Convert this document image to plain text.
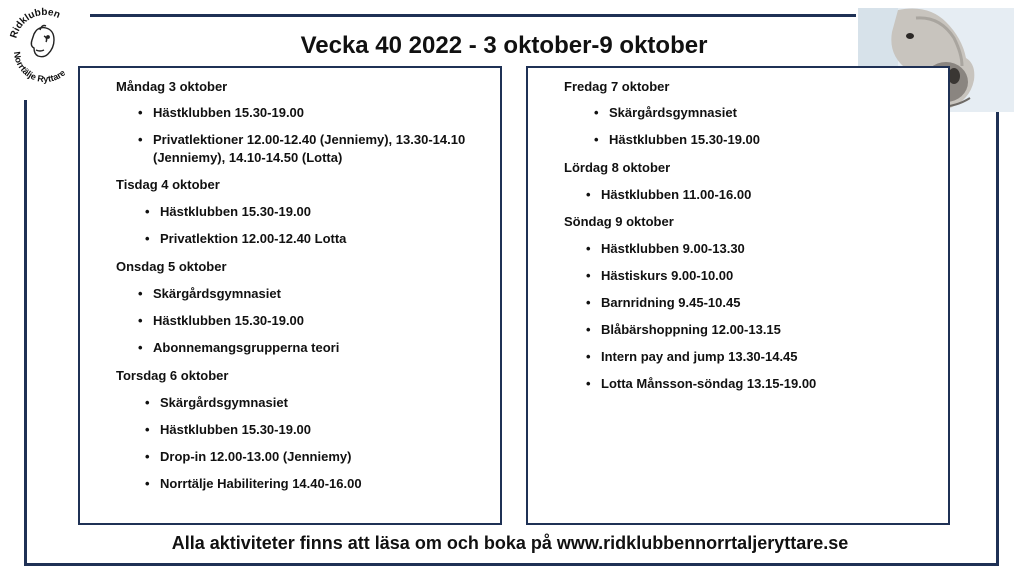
Ridklubben
Norrtälje Ryttare
Vecka 40 2022 - 3 oktober-9 oktober
Måndag 3 oktober
• Hästklubben 15.30-19.00
• Privatlektioner 12.00-12.40 (Jenniemy), 13.30-14.10 (Jenniemy), 14.10-14.50 (Lotta)
Tisdag 4 oktober
• Hästklubben 15.30-19.00
• Privatlektion 12.00-12.40 Lotta
Onsdag 5 oktober
• Skärgårdsgymnasiet
• Hästklubben 15.30-19.00
• Abonnemangsgrupperna teori
Torsdag 6 oktober
• Skärgårdsgymnasiet
• Hästklubben 15.30-19.00
• Drop-in 12.00-13.00 (Jenniemy)
• Norrtälje Habilitering 14.40-16.00
Fredag 7 oktober
• Skärgårdsgymnasiet
• Hästklubben 15.30-19.00
Lördag 8 oktober
• Hästklubben 11.00-16.00
Söndag 9 oktober
• Hästklubben 9.00-13.30
• Hästiskurs 9.00-10.00
• Barnridning 9.45-10.45
• Blåbärshoppning 12.00-13.15
• Intern pay and jump 13.30-14.45
• Lotta Månsson-söndag 13.15-19.00
Alla aktiviteter finns att läsa om och boka på www.ridklubbennorrtaljeryttare.se
